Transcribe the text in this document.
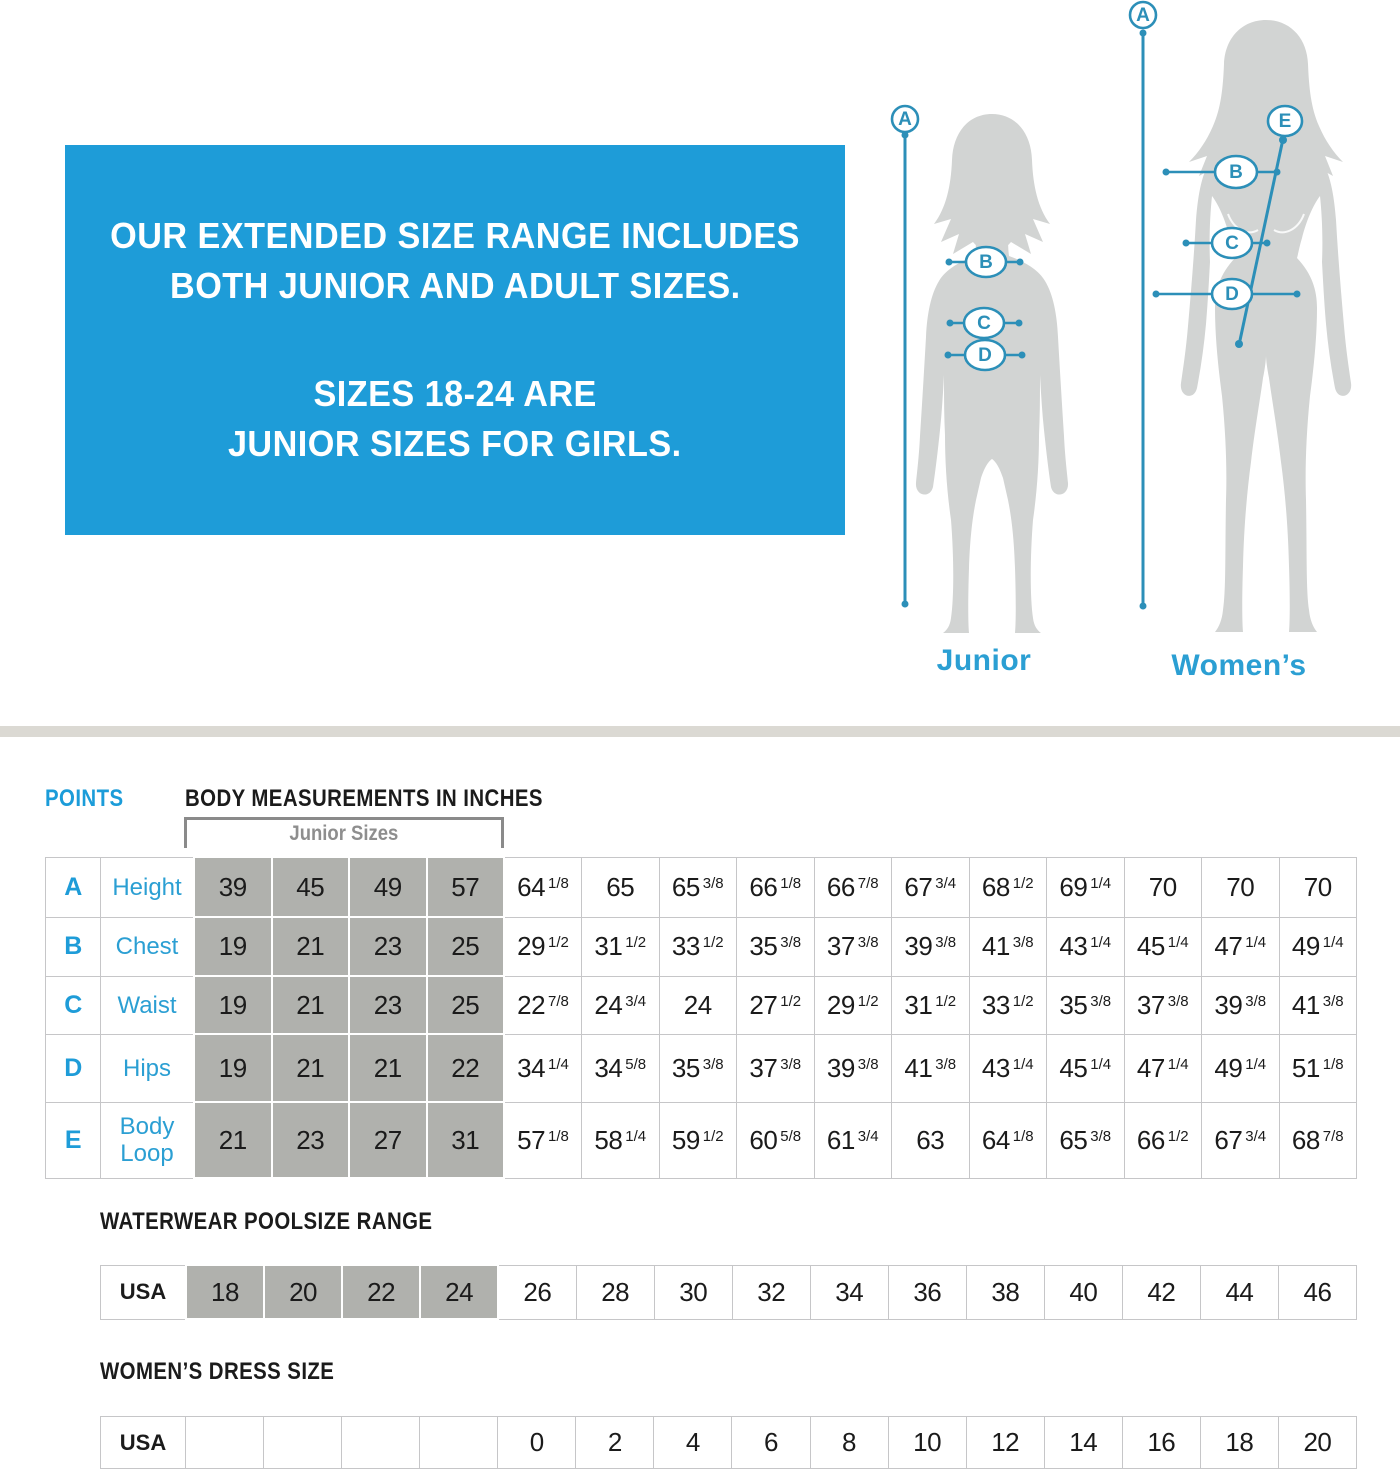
OUR EXTENDED SIZE RANGE INCLUDES
BOTH JUNIOR AND ADULT SIZES.
SIZES 18-24 ARE
JUNIOR SIZES FOR GIRLS.
A
B
C
D
Junior
A
B
C
D
E
Women’s
POINTS	BODY MEASUREMENTS IN INCHES
Junior Sizes
A	Height	39	45	49	57	64 $^{1/8}$	65	65 $^{3/8}$	66 $^{1/8}$	66 $^{7/8}$	67 $^{3/4}$	68 $^{1/2}$	69 $^{1/4}$	70	70	70
B	Chest	19	21	23	25	29 $^{1/2}$	31 $^{1/2}$	33 $^{1/2}$	35 $^{3/8}$	37 $^{3/8}$	39 $^{3/8}$	41 $^{3/8}$	43 $^{1/4}$	45 $^{1/4}$	47 $^{1/4}$	49 $^{1/4}$
C	Waist	19	21	23	25	22 $^{7/8}$	24 $^{3/4}$	24	27 $^{1/2}$	29 $^{1/2}$	31 $^{1/2}$	33 $^{1/2}$	35 $^{3/8}$	37 $^{3/8}$	39 $^{3/8}$	41 $^{3/8}$
D	Hips	19	21	21	22	34 $^{1/4}$	34 $^{5/8}$	35 $^{3/8}$	37 $^{3/8}$	39 $^{3/8}$	41 $^{3/8}$	43 $^{1/4}$	45 $^{1/4}$	47 $^{1/4}$	49 $^{1/4}$	51 $^{1/8}$
E	Body Loop	21	23	27	31	57 $^{1/8}$	58 $^{1/4}$	59 $^{1/2}$	60 $^{5/8}$	61 $^{3/4}$	63	64 $^{1/8}$	65 $^{3/8}$	66 $^{1/2}$	67 $^{3/4}$	68 $^{7/8}$
WATERWEAR POOLSIZE RANGE
USA	18	20	22	24	26	28	30	32	34	36	38	40	42	44	46
WOMEN’S DRESS SIZE
USA					0	2	4	6	8	10	12	14	16	18	20
